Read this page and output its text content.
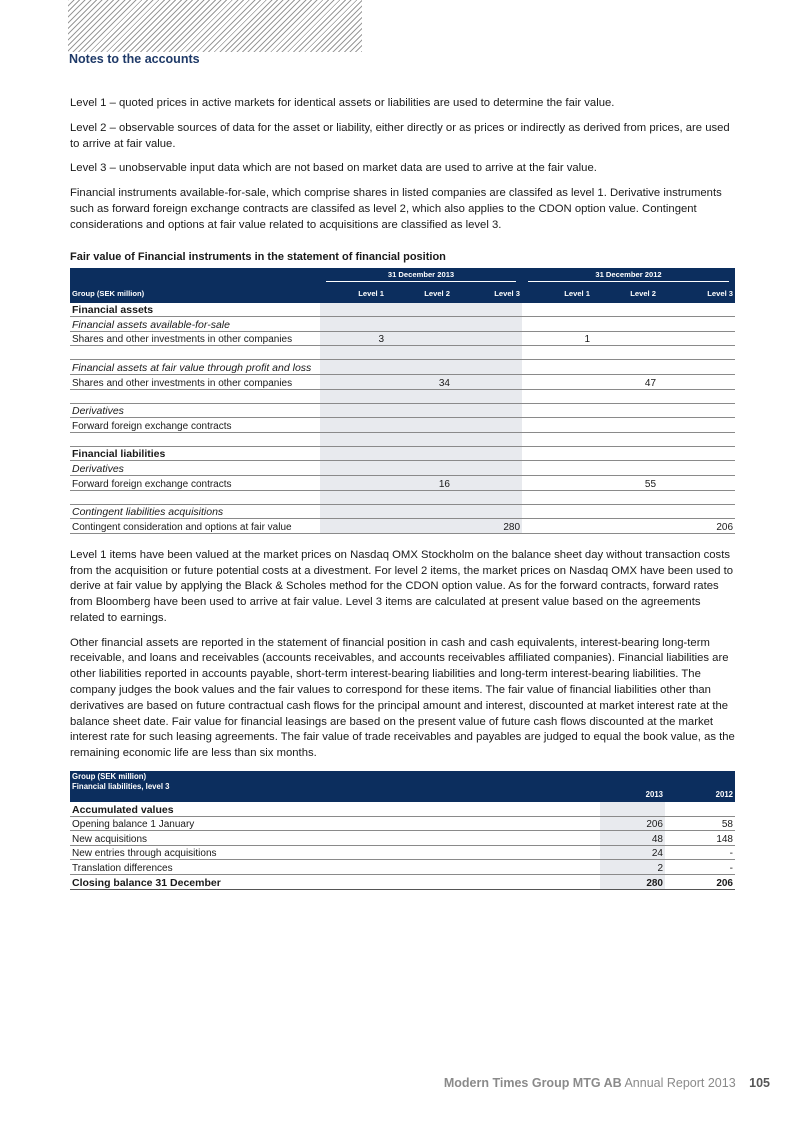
Notes to the accounts

Level 1 – quoted prices in active markets for identical assets or liabilities are used to determine the fair value.

Level 2 – observable sources of data for the asset or liability, either directly or as prices or indirectly as derived from prices, are used to arrive at fair value.

Level 3 – unobservable input data which are not based on market data are used to arrive at the fair value.

Financial instruments available-for-sale, which comprise shares in listed companies are classifed as level 1. Derivative instruments such as forward foreign exchange contracts are classifed as level 2, which also applies to the CDON option value. Contingent considerations and options at fair value related to acquisitions are classified as level 3.

Fair value of Financial instruments in the statement of financial position

	31 December 2013			31 December 2012		

Group (SEK million)	Level 1	Level 2	Level 3	Level 1	Level 2	Level 3
Financial assets						
Financial assets available-for-sale						
Shares and other investments in other companies	3			1		

Financial assets at fair value through profit and loss						
Shares and other investments in other companies		34			47	

Derivatives						
Forward foreign exchange contracts						

Financial liabilities						
Derivatives						
Forward foreign exchange contracts		16			55	

Contingent liabilities acquisitions						
Contingent consideration and options at fair value			280			206

Level 1 items have been valued at the market prices on Nasdaq OMX Stockholm on the balance sheet day without transaction costs from the acquisition or future potential costs at a divestment. For level 2 items, the market prices on Nasdaq OMX have been used to derive at fair value by applying the Black & Scholes method for the CDON option value. As for the forward contracts, forward rates from Bloomberg have been used to arrive at fair value. Level 3 items are calculated at present value based on the agreements related to earnings.

Other financial assets are reported in the statement of financial position in cash and cash equivalents, interest-bearing long-term receivable, and loans and receivables (accounts receivables, and accounts receivables affiliated companies). Financial liabilities are other liabilities reported in accounts payable, short-term interest-bearing liabilities and long-term interest-bearing liabilities. The company judges the book values and the fair values to correspond for these items. The fair value of financial liabilities other than derivatives are based on future contractual cash flows for the principal amount and interest, discounted at market interest rate at the balance sheet date. Fair value for financial leasings are based on the present value of future cash flows discounted at the market interest rate for such leasing agreements. The fair value of trade receivables and payables are judged to equal the book value, as the remaining economic life are less than six months.

Group (SEK million)
Financial liabilities, level 3	2013	2012
Accumulated values		
Opening balance 1 January	206	58
New acquisitions	48	148
New entries through acquisitions	24	-
Translation differences	2	-
Closing balance 31 December	280	206
Modern Times Group MTG AB Annual Report 2013 105
